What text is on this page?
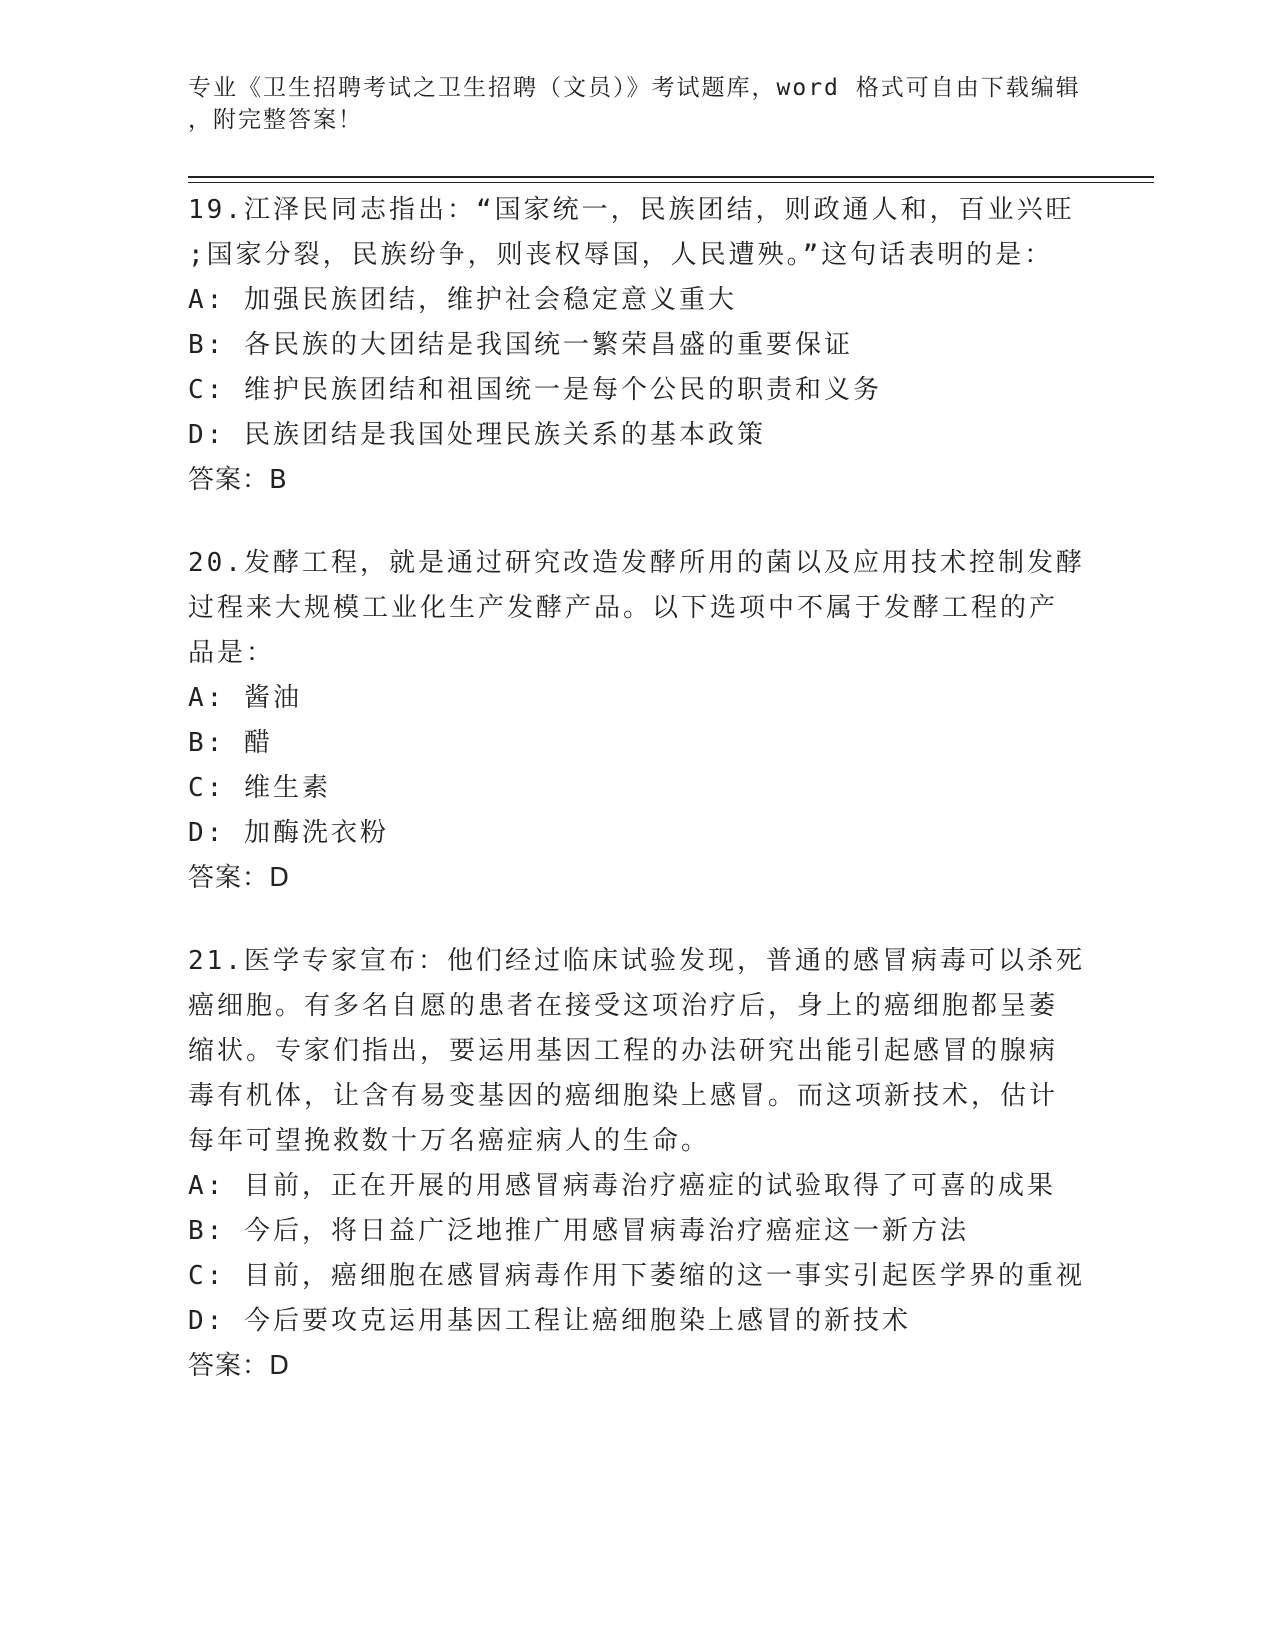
专业《卫生招聘考试之卫生招聘（文员）》考试题库，word 格式可自由下载编辑
，附完整答案！
19.江泽民同志指出：“国家统一，民族团结，则政通人和，百业兴旺
;国家分裂，民族纷争，则丧权辱国，人民遭殃。”这句话表明的是：
A: 加强民族团结，维护社会稳定意义重大
B: 各民族的大团结是我国统一繁荣昌盛的重要保证
C: 维护民族团结和祖国统一是每个公民的职责和义务
D: 民族团结是我国处理民族关系的基本政策
答案：B
20.发酵工程，就是通过研究改造发酵所用的菌以及应用技术控制发酵
过程来大规模工业化生产发酵产品。以下选项中不属于发酵工程的产
品是：
A: 酱油
B: 醋
C: 维生素
D: 加酶洗衣粉
答案：D
21.医学专家宣布：他们经过临床试验发现，普通的感冒病毒可以杀死
癌细胞。有多名自愿的患者在接受这项治疗后，身上的癌细胞都呈萎
缩状。专家们指出，要运用基因工程的办法研究出能引起感冒的腺病
毒有机体，让含有易变基因的癌细胞染上感冒。而这项新技术，估计
每年可望挽救数十万名癌症病人的生命。
A: 目前，正在开展的用感冒病毒治疗癌症的试验取得了可喜的成果
B: 今后，将日益广泛地推广用感冒病毒治疗癌症这一新方法
C: 目前，癌细胞在感冒病毒作用下萎缩的这一事实引起医学界的重视
D: 今后要攻克运用基因工程让癌细胞染上感冒的新技术
答案：D
